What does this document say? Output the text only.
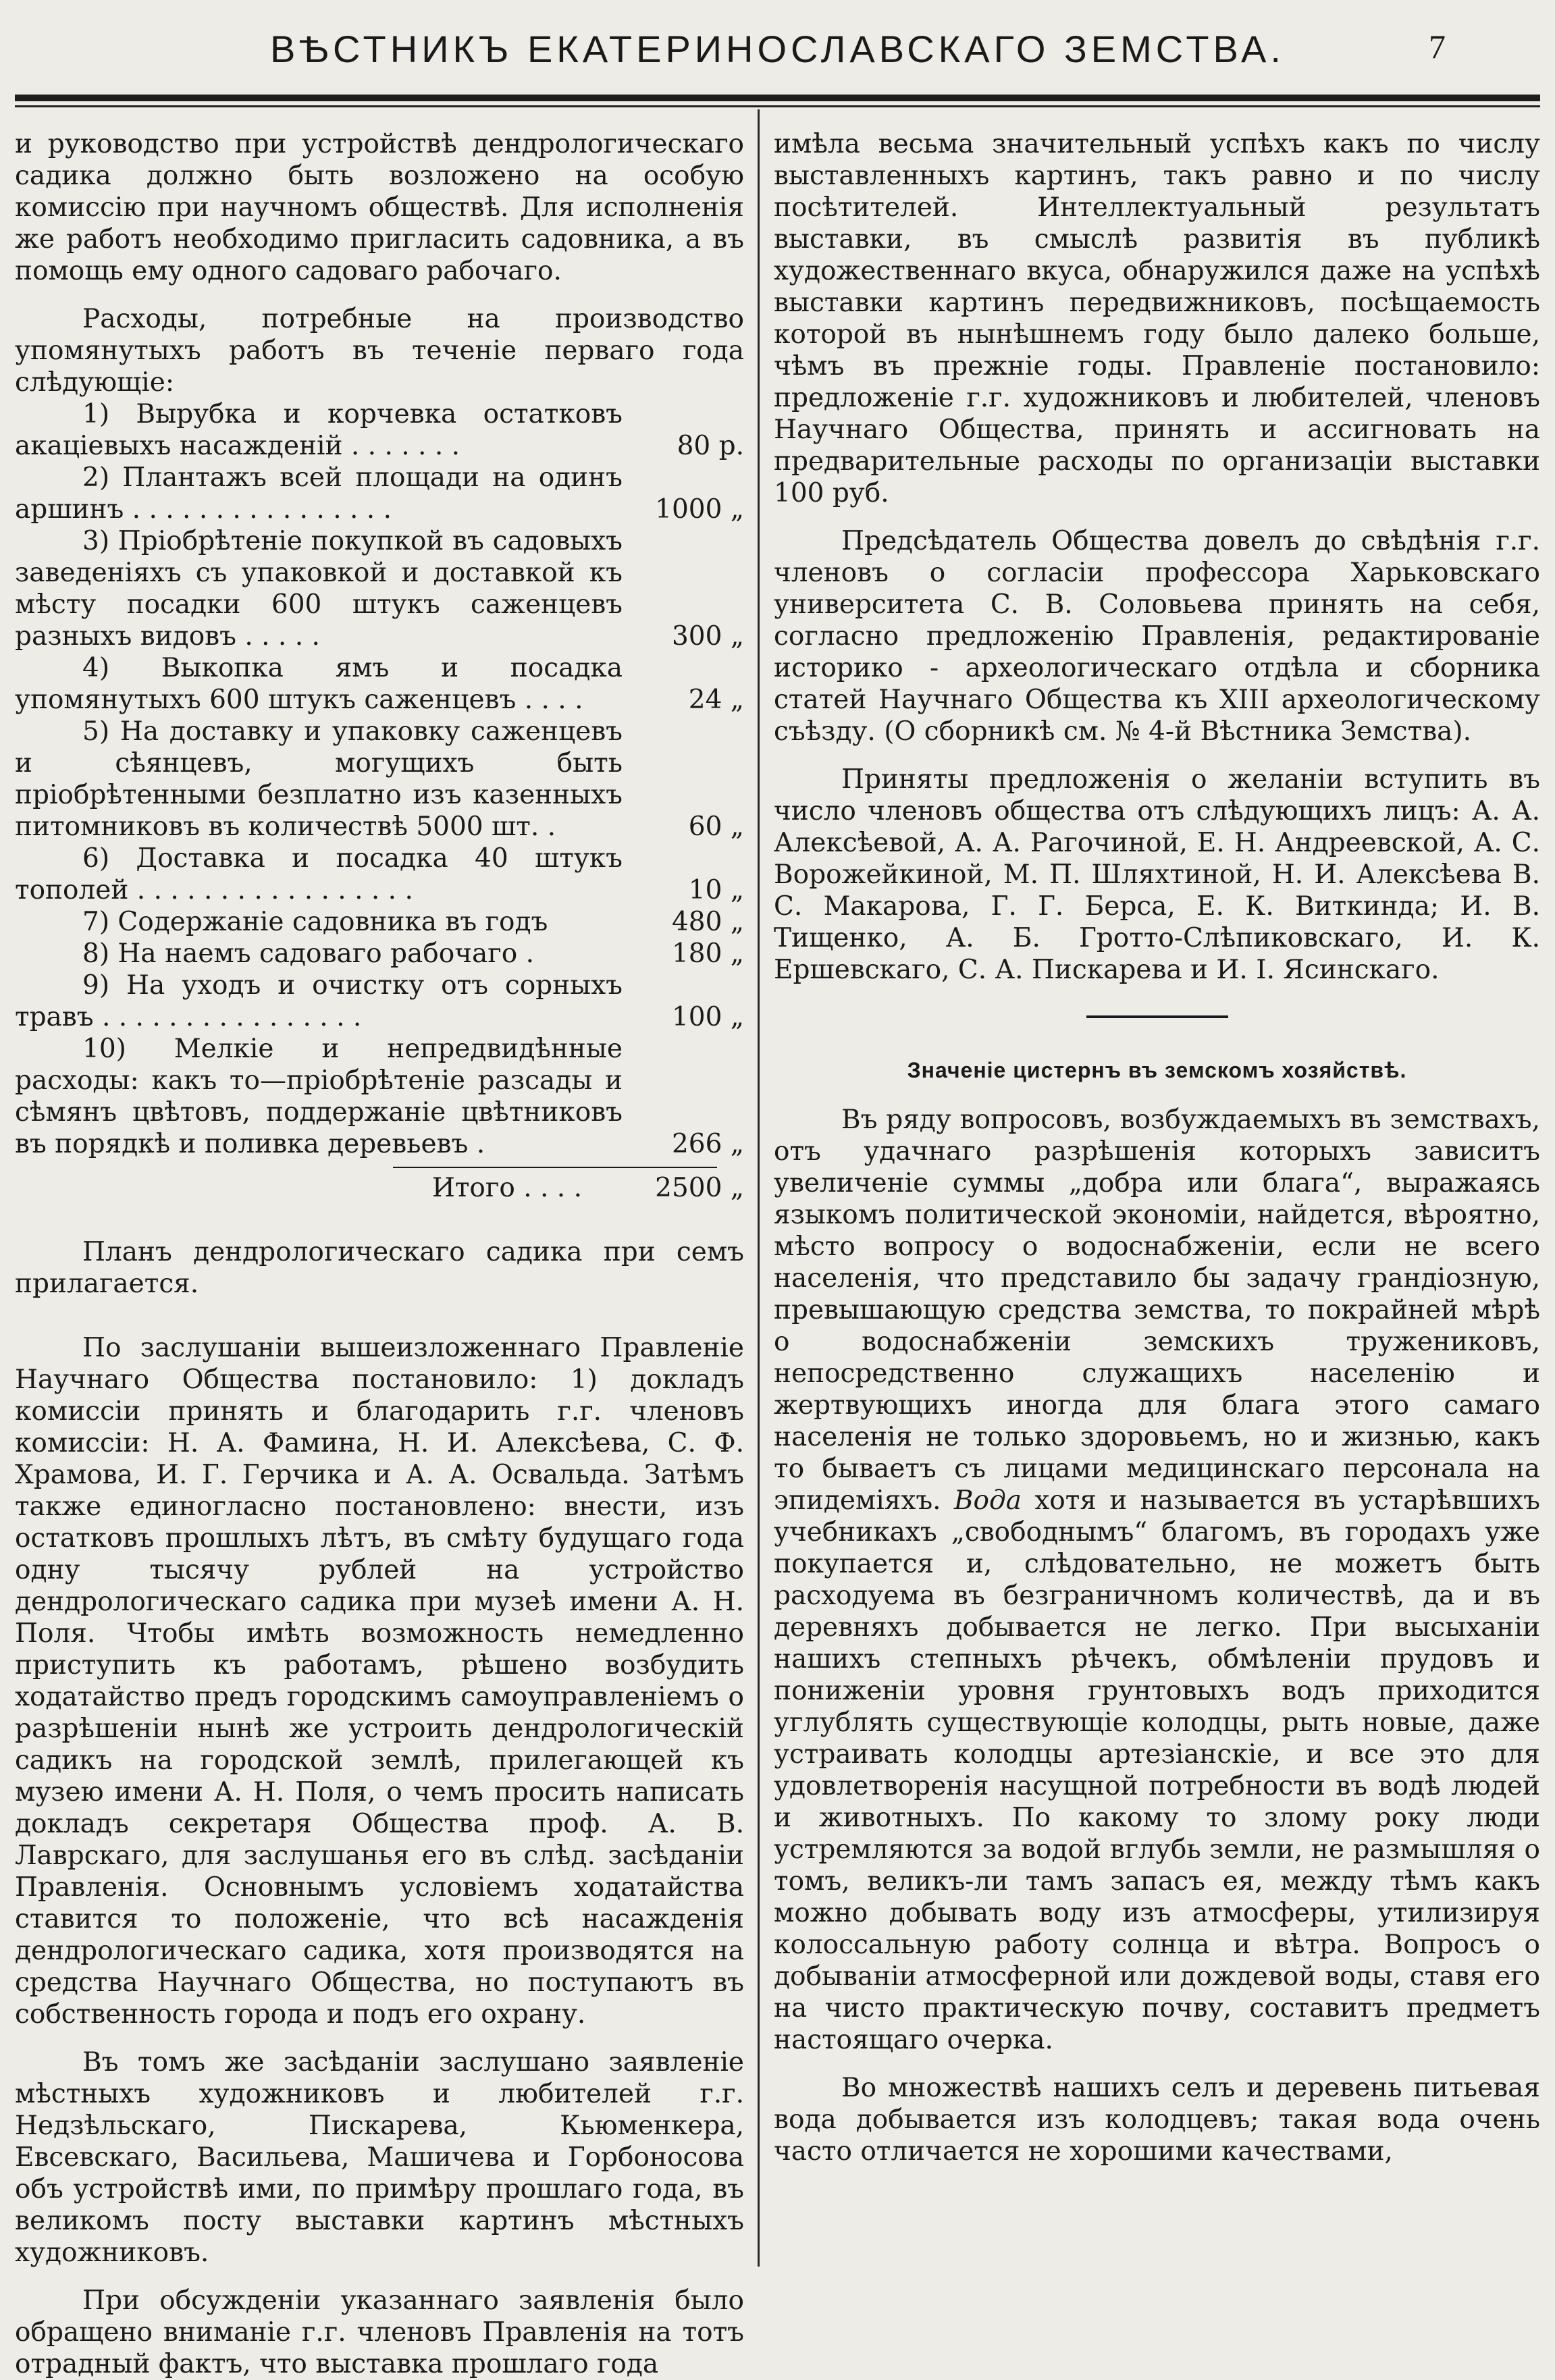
ВѢСТНИКЪ ЕКАТЕРИНОСЛАВСКАГО ЗЕМСТВА.	7

и руководство при устройствѣ дендрологическаго садика должно быть возложено на особую комиссію при научномъ обществѣ. Для исполненія же работъ необходимо пригласить садовника, а въ помощь ему одного садоваго рабочаго.

Расходы, потребные на производство упомянутыхъ работъ въ теченіе перваго года слѣдующіе:

1) Вырубка и корчевка остатковъ акаціевыхъ насажденій . . . . . . .	80 р.
2) Плантажъ всей площади на одинъ аршинъ . . . . . . . . . . . . . . . .	1000 „
3) Пріобрѣтеніе покупкой въ садовыхъ заведеніяхъ съ упаковкой и доставкой къ мѣсту посадки 600 штукъ саженцевъ разныхъ видовъ . . . . .	300 „
4) Выкопка ямъ и посадка упомянутыхъ 600 штукъ саженцевъ . . . .	24 „
5) На доставку и упаковку саженцевъ и сѣянцевъ, могущихъ быть пріобрѣтенными безплатно изъ казенныхъ питомниковъ въ количествѣ 5000 шт. .	60 „
6) Доставка и посадка 40 штукъ тополей . . . . . . . . . . . . . . . . .	10 „
7) Содержаніе садовника въ годъ	480 „
8) На наемъ садоваго рабочаго .	180 „
9) На уходъ и очистку отъ сорныхъ травъ . . . . . . . . . . . . . . . .	100 „
10) Мелкіе и непредвидѣнные расходы: какъ то—пріобрѣтеніе разсады и сѣмянъ цвѣтовъ, поддержаніе цвѣтниковъ въ порядкѣ и поливка деревьевъ .	266 „
Итого . . . .	2500 „

Планъ дендрологическаго садика при семъ прилагается.

По заслушаніи вышеизложеннаго Правленіе Научнаго Общества постановило: 1) докладъ комиссіи принять и благодарить г.г. членовъ комиссіи: Н. А. Фамина, Н. И. Алексѣева, С. Ф. Храмова, И. Г. Герчика и А. А. Освальда. Затѣмъ также единогласно постановлено: внести, изъ остатковъ прошлыхъ лѣтъ, въ смѣту будущаго года одну тысячу рублей на устройство дендрологическаго садика при музеѣ имени А. Н. Поля. Чтобы имѣть возможность немедленно приступить къ работамъ, рѣшено возбудить ходатайство предъ городскимъ самоуправленіемъ о разрѣшеніи нынѣ же устроить дендрологическій садикъ на городской землѣ, прилегающей къ музею имени А. Н. Поля, о чемъ просить написать докладъ секретаря Общества проф. А. В. Лаврскаго, для заслушанья его въ слѣд. засѣданіи Правленія. Основнымъ условіемъ ходатайства ставится то положеніе, что всѣ насажденія дендрологическаго садика, хотя производятся на средства Научнаго Общества, но поступаютъ въ собственность города и подъ его охрану.

Въ томъ же засѣданіи заслушано заявленіе мѣстныхъ художниковъ и любителей г.г. Недзѣльскаго, Пискарева, Кьюменкера, Евсевскаго, Васильева, Машичева и Горбоносова объ устройствѣ ими, по примѣру прошлаго года, въ великомъ посту выставки картинъ мѣстныхъ художниковъ.

При обсужденіи указаннаго заявленія было обращено вниманіе г.г. членовъ Правленія на тотъ отрадный фактъ, что выставка прошлаго года

имѣла весьма значительный успѣхъ какъ по числу выставленныхъ картинъ, такъ равно и по числу посѣтителей. Интеллектуальный результатъ выставки, въ смыслѣ развитія въ публикѣ художественнаго вкуса, обнаружился даже на успѣхѣ выставки картинъ передвижниковъ, посѣщаемость которой въ нынѣшнемъ году было далеко больше, чѣмъ въ прежніе годы. Правленіе постановило: предложеніе г.г. художниковъ и любителей, членовъ Научнаго Общества, принять и ассигновать на предварительные расходы по организаціи выставки 100 руб.

Предсѣдатель Общества довелъ до свѣдѣнія г.г. членовъ о согласіи профессора Харьковскаго университета С. В. Соловьева принять на себя, согласно предложенію Правленія, редактированіе историко - археологическаго отдѣла и сборника статей Научнаго Общества къ XIII археологическому съѣзду. (О сборникѣ см. № 4-й Вѣстника Земства).

Приняты предложенія о желаніи вступить въ число членовъ общества отъ слѣдующихъ лицъ: А. А. Алексѣевой, А. А. Рагочиной, Е. Н. Андреевской, А. С. Ворожейкиной, М. П. Шляхтиной, Н. И. Алексѣева В. С. Макарова, Г. Г. Берса, Е. К. Виткинда; И. В. Тищенко, А. Б. Гротто-Слѣпиковскаго, И. К. Ершевскаго, С. А. Пискарева и И. І. Ясинскаго.

Значеніе цистернъ въ земскомъ хозяйствѣ.

Въ ряду вопросовъ, возбуждаемыхъ въ земствахъ, отъ удачнаго разрѣшенія которыхъ зависитъ увеличеніе суммы „добра или блага“, выражаясь языкомъ политической экономіи, найдется, вѣроятно, мѣсто вопросу о водоснабженіи, если не всего населенія, что представило бы задачу грандіозную, превышающую средства земства, то покрайней мѣрѣ о водоснабженіи земскихъ тружениковъ, непосредственно служащихъ населенію и жертвующихъ иногда для блага этого самаго населенія не только здоровьемъ, но и жизнью, какъ то бываетъ съ лицами медицинскаго персонала на эпидеміяхъ. Вода хотя и называется въ устарѣвшихъ учебникахъ „свободнымъ“ благомъ, въ городахъ уже покупается и, слѣдовательно, не можетъ быть расходуема въ безграничномъ количествѣ, да и въ деревняхъ добывается не легко. При высыханіи нашихъ степныхъ рѣчекъ, обмѣленіи прудовъ и пониженіи уровня грунтовыхъ водъ приходится углублять существующіе колодцы, рыть новые, даже устраивать колодцы артезіанскіе, и все это для удовлетворенія насущной потребности въ водѣ людей и животныхъ. По какому то злому року люди устремляются за водой вглубь земли, не размышляя о томъ, великъ-ли тамъ запасъ ея, между тѣмъ какъ можно добывать воду изъ атмосферы, утилизируя колоссальную работу солнца и вѣтра. Вопросъ о добываніи атмосферной или дождевой воды, ставя его на чисто практическую почву, составитъ предметъ настоящаго очерка.

Во множествѣ нашихъ селъ и деревень питьевая вода добывается изъ колодцевъ; такая вода очень часто отличается не хорошими качествами,
